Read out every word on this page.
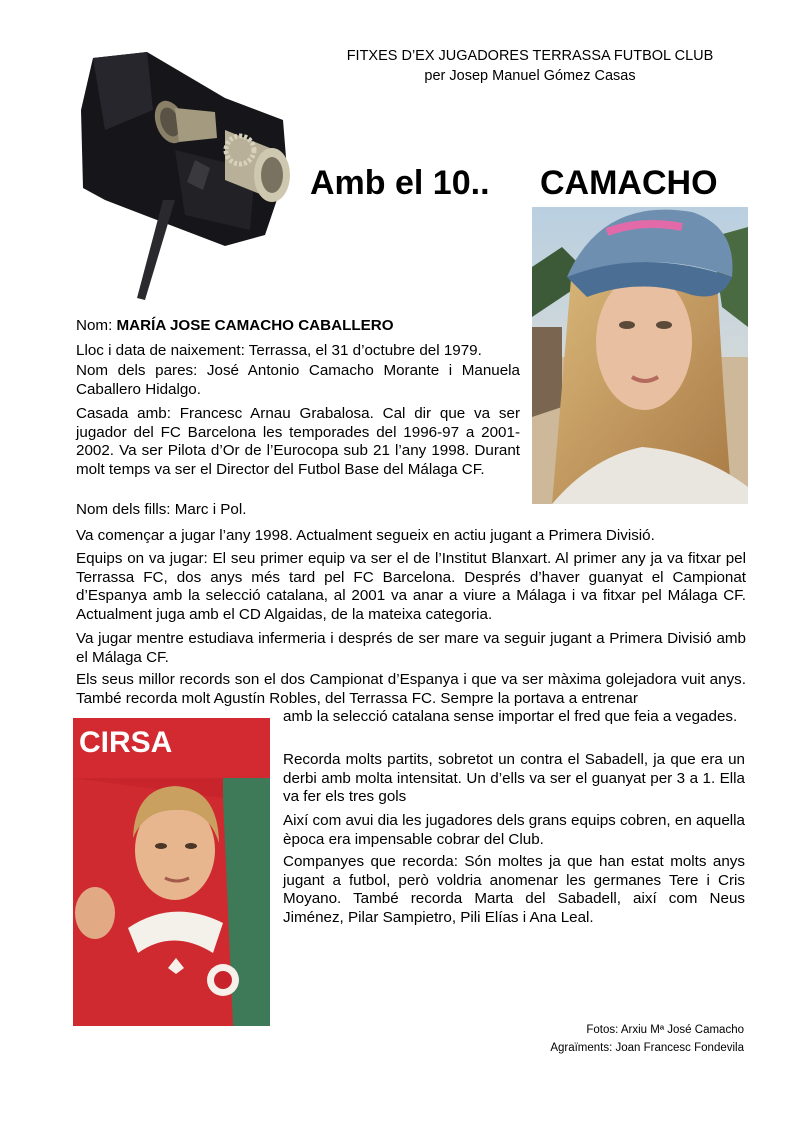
FITXES D’EX JUGADORES TERRASSA FUTBOL CLUB
per Josep Manuel Gómez Casas
Amb el 10.. CAMACHO

Nom: MARÍA JOSE CAMACHO CABALLERO

Lloc i data de naixement: Terrassa, el 31 d’octubre del 1979.

Nom dels pares: José Antonio Camacho Morante i Manuela Caballero Hidalgo.

Casada amb: Francesc Arnau Grabalosa. Cal dir que va ser jugador del FC Barcelona les temporades del 1996-97 a 2001-2002. Va ser Pilota d’Or de l’Eurocopa sub 21 l’any 1998. Durant molt temps va ser el Director del Futbol Base del Málaga CF.

Nom dels fills: Marc i Pol.

Va començar a jugar l’any 1998. Actualment segueix en actiu jugant a Primera Divisió.

Equips on va jugar: El seu primer equip va ser el de l’Institut Blanxart. Al primer any ja va fitxar pel Terrassa FC, dos anys més tard pel FC Barcelona. Després d’haver guanyat el Campionat d’Espanya amb la selecció catalana, al 2001 va anar a viure a Málaga i va fitxar pel Málaga CF. Actualment juga amb el CD Algaidas, de la mateixa categoria.

Va jugar mentre estudiava infermeria i després de ser mare va seguir jugant a Primera Divisió amb el Málaga CF.

Els seus millor records son el dos Campionat d’Espanya i que va ser màxima golejadora vuit anys. També recorda molt Agustín Robles, del Terrassa FC. Sempre la portava a entrenar

CIRSA

amb la selecció catalana sense importar el fred que feia a vegades.

Recorda molts partits, sobretot un contra el Sabadell, ja que era un derbi amb molta intensitat. Un d’ells va ser el guanyat per 3 a 1. Ella va fer els tres gols

Així com avui dia les jugadores dels grans equips cobren, en aquella època era impensable cobrar del Club.

Companyes que recorda: Són moltes ja que han estat molts anys jugant a futbol, però voldria anomenar les germanes Tere i Cris Moyano. També recorda Marta del Sabadell, així com Neus Jiménez, Pilar Sampietro, Pili Elías i Ana Leal.

Fotos: Arxiu Mª José Camacho
Agraïments: Joan Francesc Fondevila
